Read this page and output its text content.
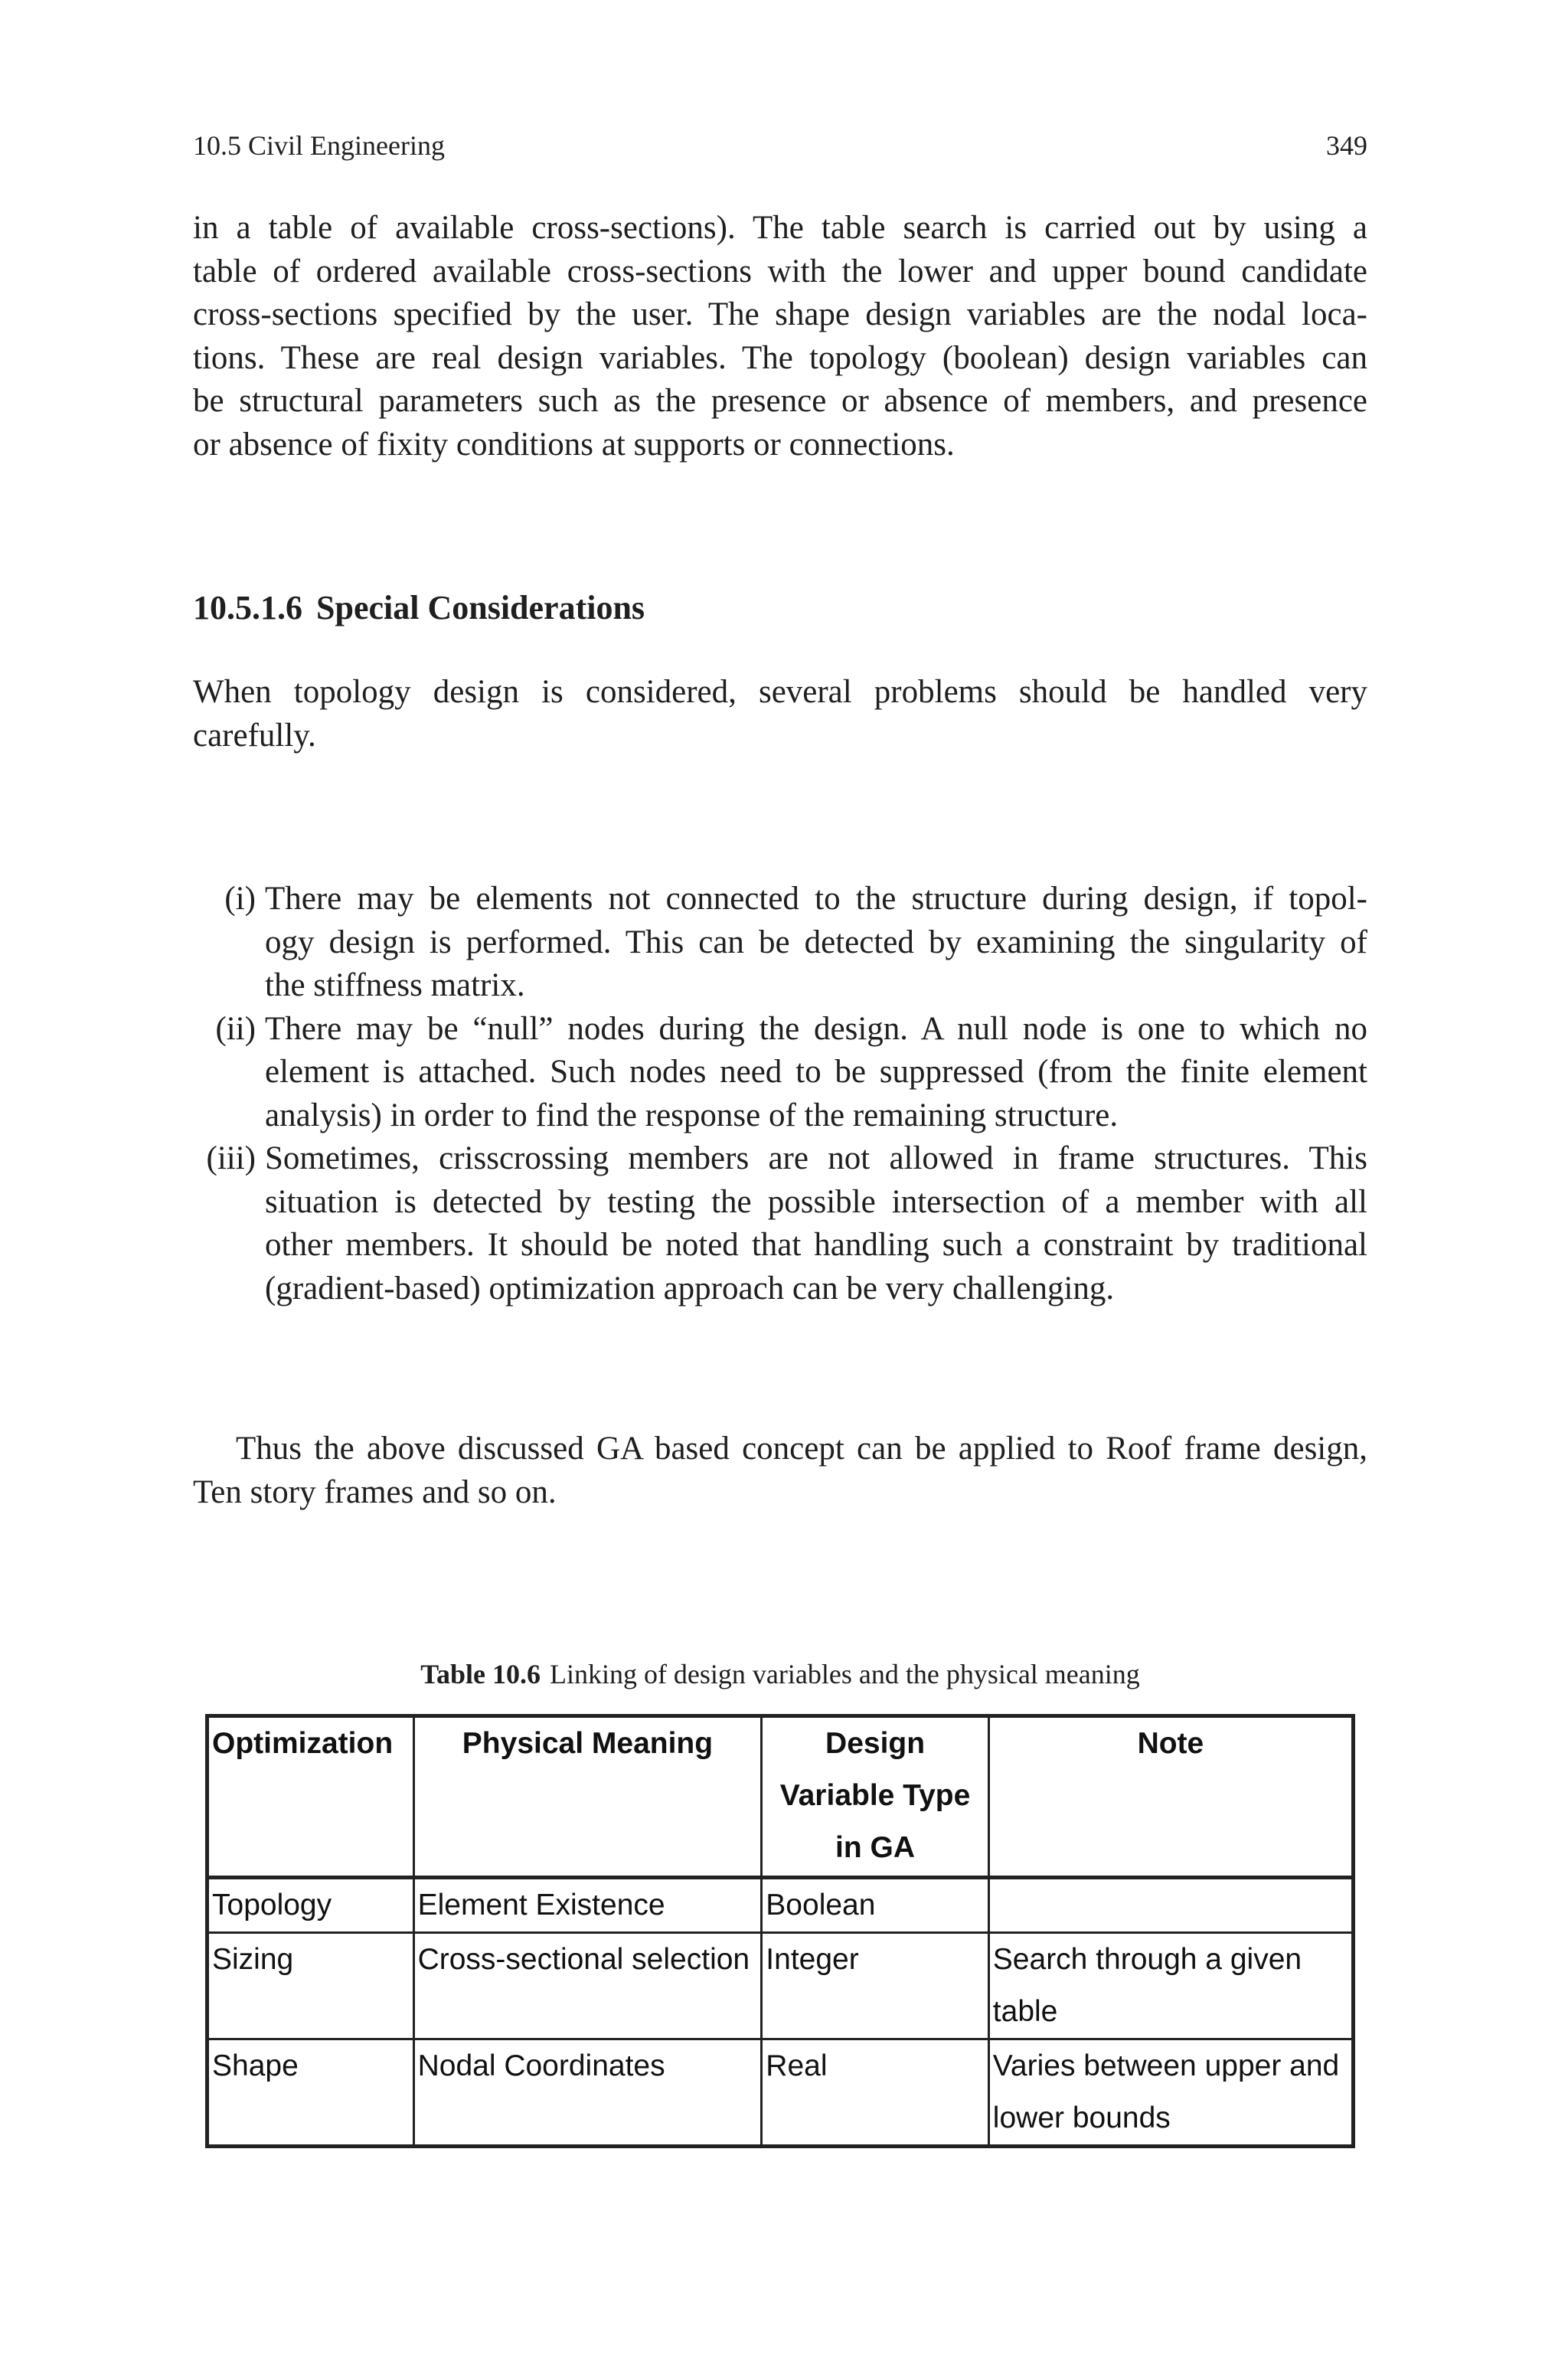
10.5 Civil Engineering	349

in a table of available cross-sections). The table search is carried out by using a
table of ordered available cross-sections with the lower and upper bound candidate
cross-sections specified by the user. The shape design variables are the nodal loca-
tions. These are real design variables. The topology (boolean) design variables can
be structural parameters such as the presence or absence of members, and presence
or absence of fixity conditions at supports or connections.

10.5.1.6 Special Considerations

When topology design is considered, several problems should be handled very
carefully.

(i) There may be elements not connected to the structure during design, if topol-
ogy design is performed. This can be detected by examining the singularity of
the stiffness matrix.
(ii) There may be “null” nodes during the design. A null node is one to which no
element is attached. Such nodes need to be suppressed (from the finite element
analysis) in order to find the response of the remaining structure.
(iii) Sometimes, crisscrossing members are not allowed in frame structures. This
situation is detected by testing the possible intersection of a member with all
other members. It should be noted that handling such a constraint by traditional
(gradient-based) optimization approach can be very challenging.

Thus the above discussed GA based concept can be applied to Roof frame design,
Ten story frames and so on.

Table 10.6 Linking of design variables and the physical meaning

Optimization	Physical Meaning	Design
Variable Type
in GA	Note
Topology	Element Existence	Boolean	
Sizing	Cross-sectional selection	Integer	Search through a given
table

Shape	Nodal Coordinates	Real	Varies between upper and
lower bounds
